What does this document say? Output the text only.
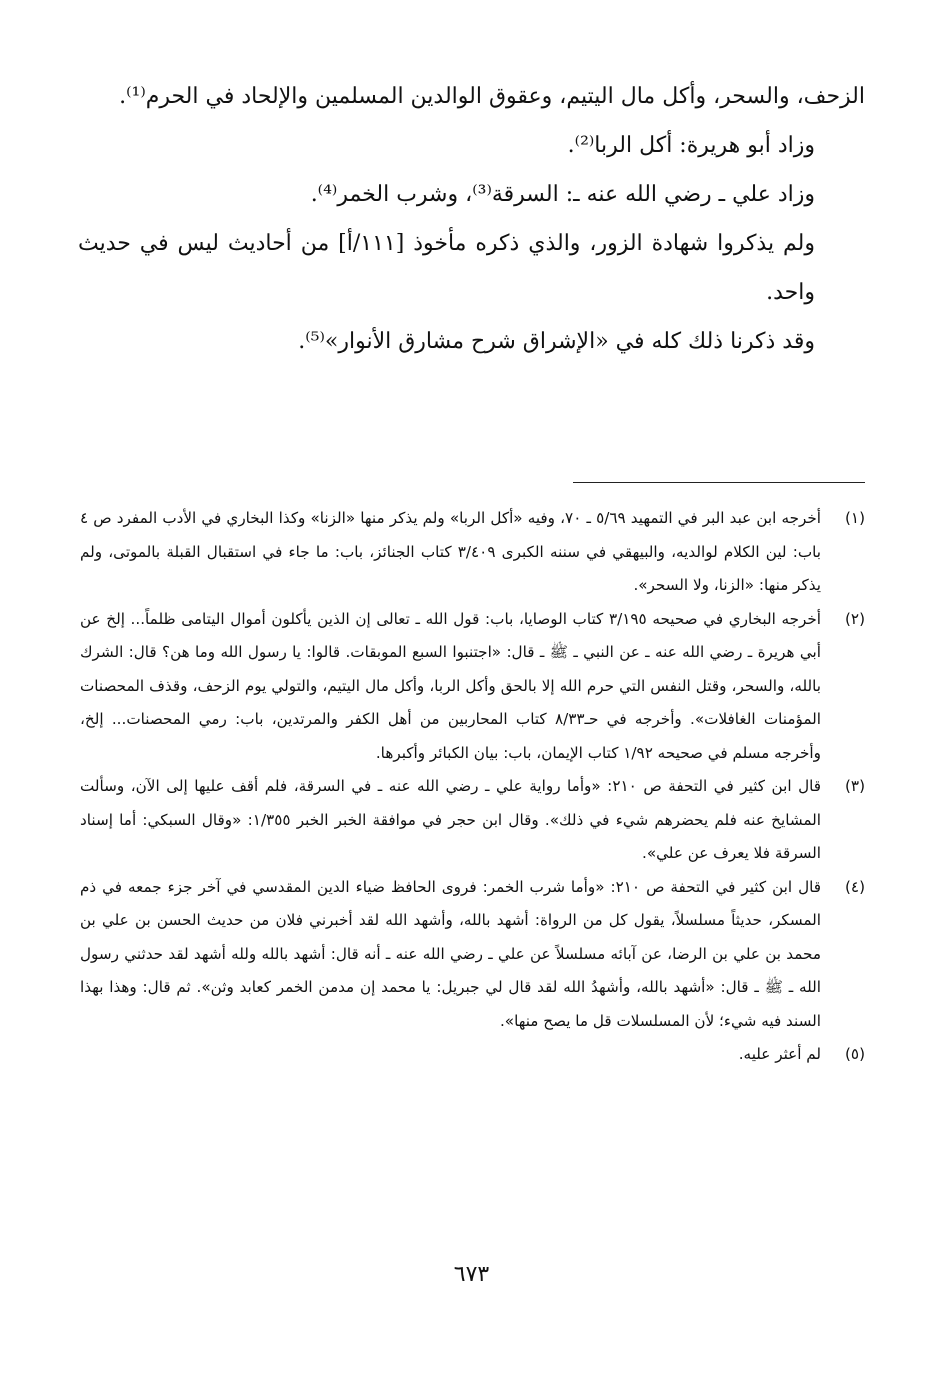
الزحف، والسحر، وأكل مال اليتيم، وعقوق الوالدين المسلمين والإلحاد في الحرم⁽¹⁾.

وزاد أبو هريرة: أكل الربا⁽²⁾.

وزاد علي ـ رضي الله عنه ـ: السرقة⁽³⁾، وشرب الخمر⁽⁴⁾.

ولم يذكروا شهادة الزور، والذي ذكره مأخوذ [١١١/أ] من أحاديث ليس في حديث واحد.

وقد ذكرنا ذلك كله في «الإشراق شرح مشارق الأنوار»⁽⁵⁾.

(١)
أخرجه ابن عبد البر في التمهيد ٥/٦٩ ـ ٧٠، وفيه «أكل الربا» ولم يذكر منها «الزنا» وكذا البخاري في الأدب المفرد ص ٤ باب: لين الكلام لوالديه، والبيهقي في سننه الكبرى ٣/٤٠٩ كتاب الجنائز، باب: ما جاء في استقبال القبلة بالموتى، ولم يذكر منها: «الزنا، ولا السحر».
(٢)
أخرجه البخاري في صحيحه ٣/١٩٥ كتاب الوصايا، باب: قول الله ـ تعالى إن الذين يأكلون أموال اليتامى ظلماً... إلخ عن أبي هريرة ـ رضي الله عنه ـ عن النبي ـ ﷺ ـ قال: «اجتنبوا السبع الموبقات. قالوا: يا رسول الله وما هن؟ قال: الشرك بالله، والسحر، وقتل النفس التي حرم الله إلا بالحق وأكل الربا، وأكل مال اليتيم، والتولي يوم الزحف، وقذف المحصنات المؤمنات الغافلات». وأخرجه في حـ٨/٣٣ كتاب المحاربين من أهل الكفر والمرتدين، باب: رمي المحصنات... إلخ، وأخرجه مسلم في صحيحه ١/٩٢ كتاب الإيمان، باب: بيان الكبائر وأكبرها.
(٣)
قال ابن كثير في التحفة ص ٢١٠: «وأما رواية علي ـ رضي الله عنه ـ في السرقة، فلم أقف عليها إلى الآن، وسألت المشايخ عنه فلم يحضرهم شيء في ذلك». وقال ابن حجر في موافقة الخبر الخبر ١/٣٥٥: «وقال السبكي: أما إسناد السرقة فلا يعرف عن علي».
(٤)
قال ابن كثير في التحفة ص ٢١٠: «وأما شرب الخمر: فروى الحافظ ضياء الدين المقدسي في آخر جزء جمعه في ذم المسكر، حديثاً مسلسلاً، يقول كل من الرواة: أشهد بالله، وأشهد الله لقد أخبرني فلان من حديث الحسن بن علي بن محمد بن علي بن الرضا، عن آبائه مسلسلاً عن علي ـ رضي الله عنه ـ أنه قال: أشهد بالله ولله أشهد لقد حدثني رسول الله ـ ﷺ ـ قال: «أشهد بالله، وأشهدُ الله لقد قال لي جبريل: يا محمد إن مدمن الخمر كعابد وثن». ثم قال: وهذا بهذا السند فيه شيء؛ لأن المسلسلات قل ما يصح منها».
(٥)
لم أعثر عليه.
٦٧٣
